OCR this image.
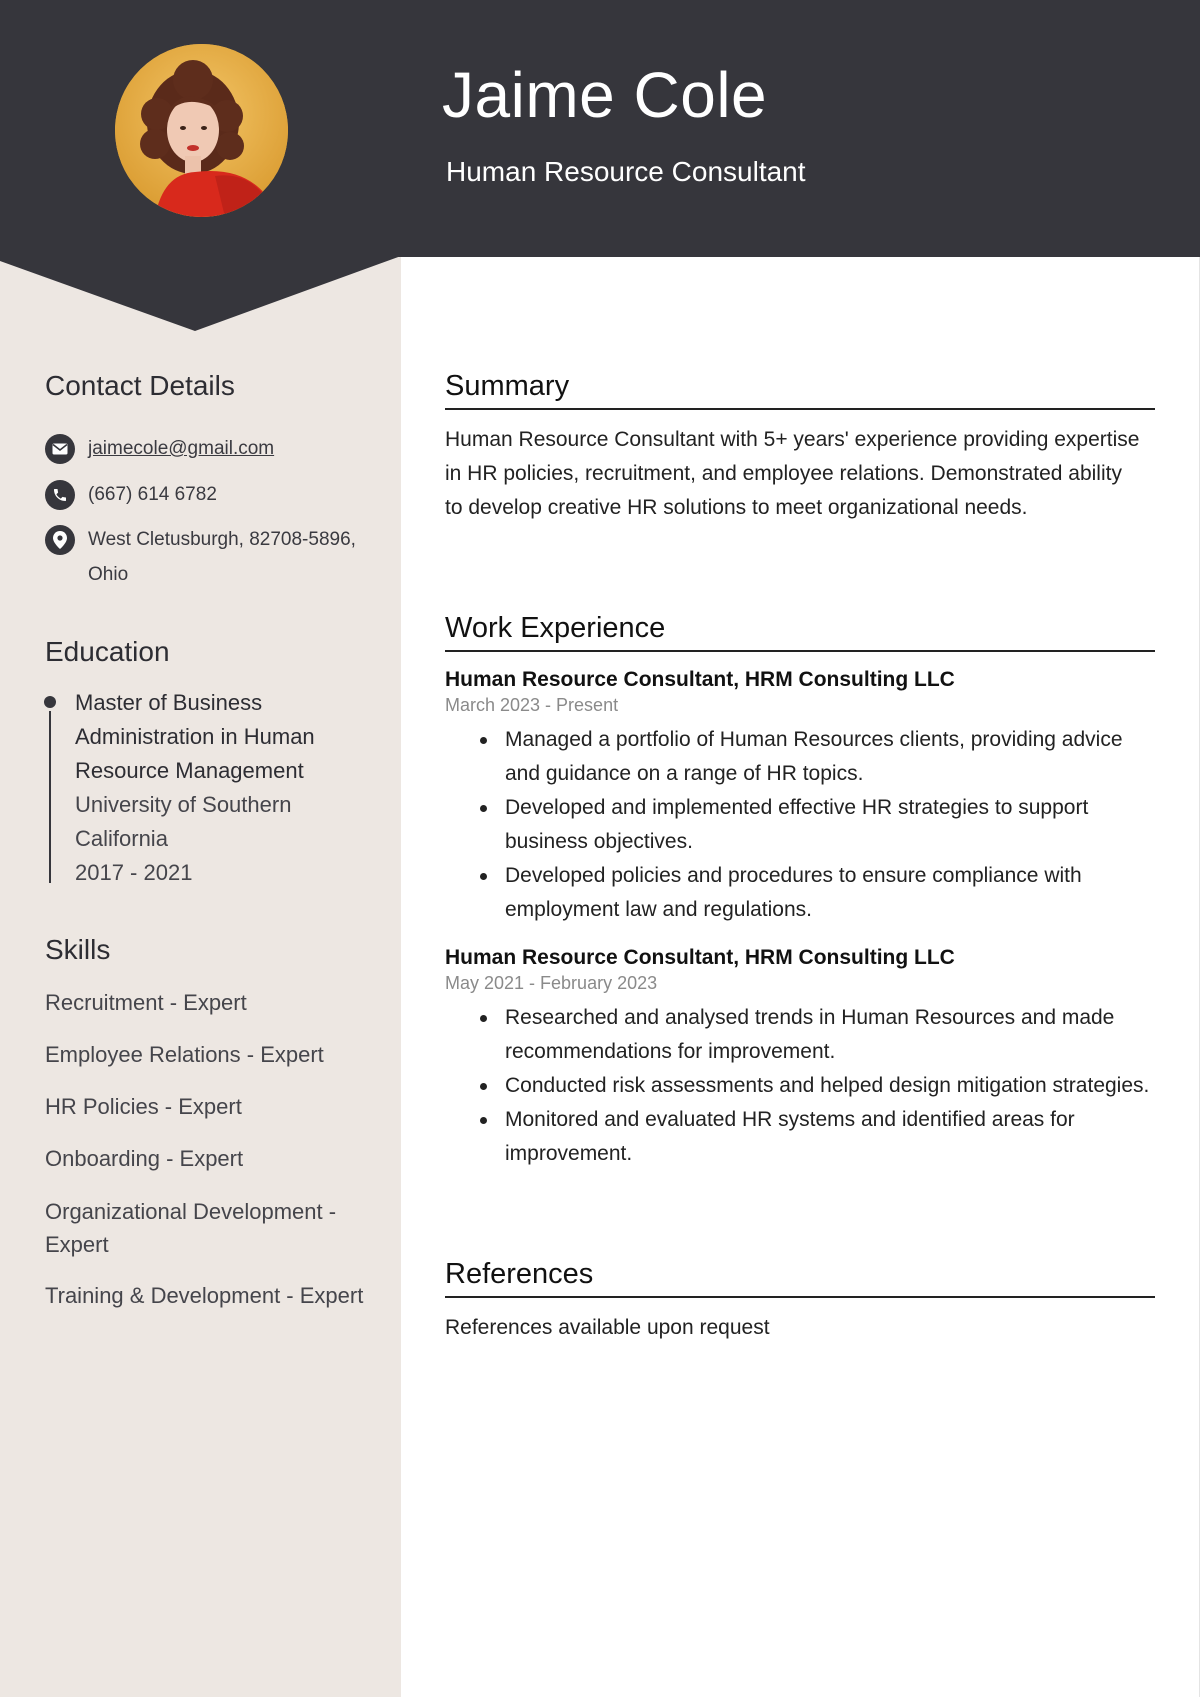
Jaime Cole
Human Resource Consultant
Contact Details
jaimecole@gmail.com
(667) 614 6782
West Cletusburgh, 82708-5896,
Ohio
Education
Master of Business Administration in Human Resource Management
University of Southern California
2017 - 2021
Skills
Recruitment - Expert
Employee Relations - Expert
HR Policies - Expert
Onboarding - Expert
Organizational Development - Expert
Training & Development - Expert
Summary
Human Resource Consultant with 5+ years' experience providing expertise in HR policies, recruitment, and employee relations. Demonstrated ability to develop creative HR solutions to meet organizational needs.
Work Experience
Human Resource Consultant, HRM Consulting LLC
March 2023 - Present
Managed a portfolio of Human Resources clients, providing advice and guidance on a range of HR topics.
Developed and implemented effective HR strategies to support business objectives.
Developed policies and procedures to ensure compliance with employment law and regulations.
Human Resource Consultant, HRM Consulting LLC
May 2021 - February 2023
Researched and analysed trends in Human Resources and made recommendations for improvement.
Conducted risk assessments and helped design mitigation strategies.
Monitored and evaluated HR systems and identified areas for improvement.
References
References available upon request
